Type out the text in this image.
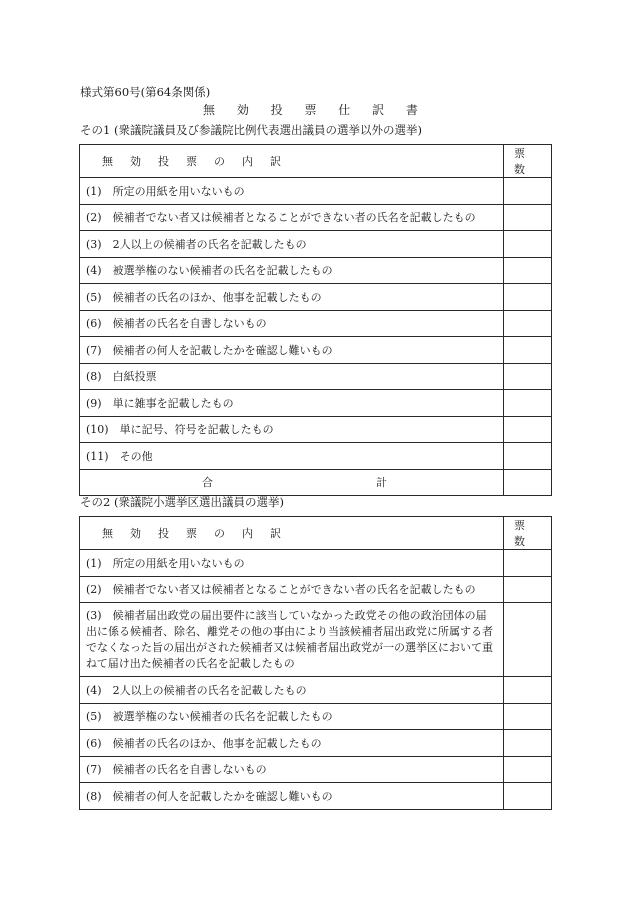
様式第60号(第64条関係)
無 効 投 票 仕 訳 書
その1 (衆議院議員及び参議院比例代表選出議員の選挙以外の選挙)
無効投票の内訳	票数
(1)　所定の用紙を用いないもの	
(2)　候補者でない者又は候補者となることができない者の氏名を記載したもの	
(3)　2人以上の候補者の氏名を記載したもの	
(4)　被選挙権のない候補者の氏名を記載したもの	
(5)　候補者の氏名のほか、他事を記載したもの	
(6)　候補者の氏名を自書しないもの	
(7)　候補者の何人を記載したかを確認し難いもの	
(8)　白紙投票	
(9)　単に雑事を記載したもの	
(10)　単に記号、符号を記載したもの	
(11)　その他	

合 計	

その2 (衆議院小選挙区選出議員の選挙)
無効投票の内訳	票数
(1)　所定の用紙を用いないもの	
(2)　候補者でない者又は候補者となることができない者の氏名を記載したもの	
(3)　候補者届出政党の届出要件に該当していなかった政党その他の政治団体の届出に係る候補者、除名、離党その他の事由により当該候補者届出政党に所属する者でなくなった旨の届出がされた候補者又は候補者届出政党が一の選挙区において重ねて届け出た候補者の氏名を記載したもの	
(4)　2人以上の候補者の氏名を記載したもの	
(5)　被選挙権のない候補者の氏名を記載したもの	
(6)　候補者の氏名のほか、他事を記載したもの	
(7)　候補者の氏名を自書しないもの	
(8)　候補者の何人を記載したかを確認し難いもの	
